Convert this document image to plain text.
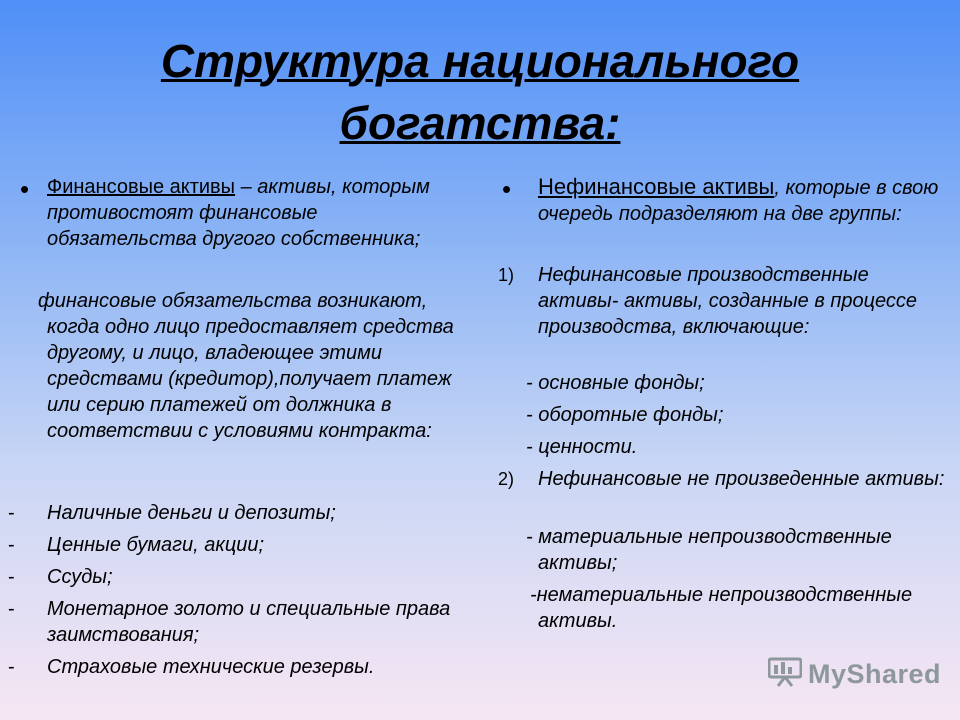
Структура национального
богатства:
• Финансовые активы – активы, которым противостоят финансовые обязательства другого собственника;
финансовые обязательства возникают, когда одно лицо предоставляет средства другому, и лицо, владеющее этими средствами (кредитор),получает платеж или серию платежей от должника в соответствии с условиями контракта:
- Наличные деньги и депозиты;
- Ценные бумаги, акции;
- Ссуды;
- Монетарное золото и специальные права заимствования;
- Страховые технические резервы.
• Нефинансовые активы, которые в свою очередь подразделяют на две группы:
1) Нефинансовые производственные активы- активы, созданные в процессе производства, включающие:
- основные фонды;
- оборотные фонды;
- ценности.
2) Нефинансовые не произведенные активы:
- материальные непроизводственные активы;
-нематериальные непроизводственные активы.
MyShared
